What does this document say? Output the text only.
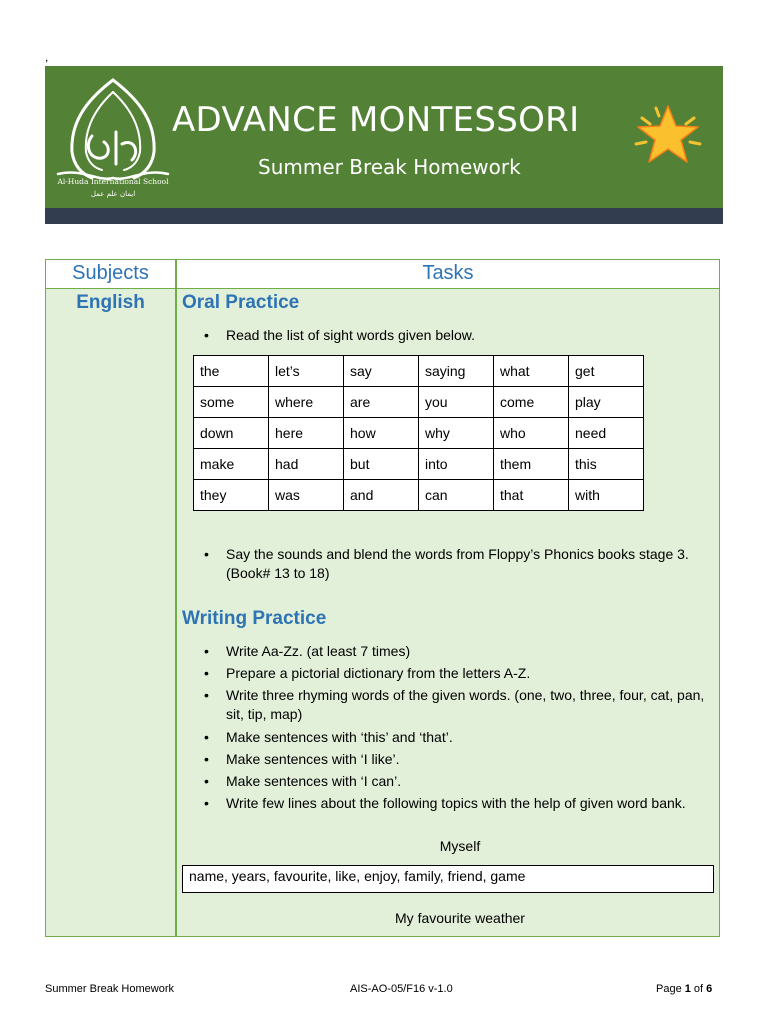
,
Al-Huda International School
ایمان علم عمل
ADVANCE MONTESSORI
Summer Break Homework
Subjects	Tasks
English	Oral Practice
• Read the list of sight words given below.
the	let’s	say	saying	what	get
some	where	are	you	come	play
down	here	how	why	who	need
make	had	but	into	them	this
they	was	and	can	that	with
• Say the sounds and blend the words from Floppy’s Phonics books stage 3. (Book# 13 to 18)
Writing Practice
• Write Aa-Zz. (at least 7 times)
• Prepare a pictorial dictionary from the letters A-Z.
• Write three rhyming words of the given words. (one, two, three, four, cat, pan, sit, tip, map)
• Make sentences with ‘this’ and ‘that’.
• Make sentences with ‘I like’.
• Make sentences with ‘I can’.
• Write few lines about the following topics with the help of given word bank.
Myself
name, years, favourite, like, enjoy, family, friend, game
My favourite weather
Summer Break Homework	AIS-AO-05/F16 v-1.0	Page 1 of 6
